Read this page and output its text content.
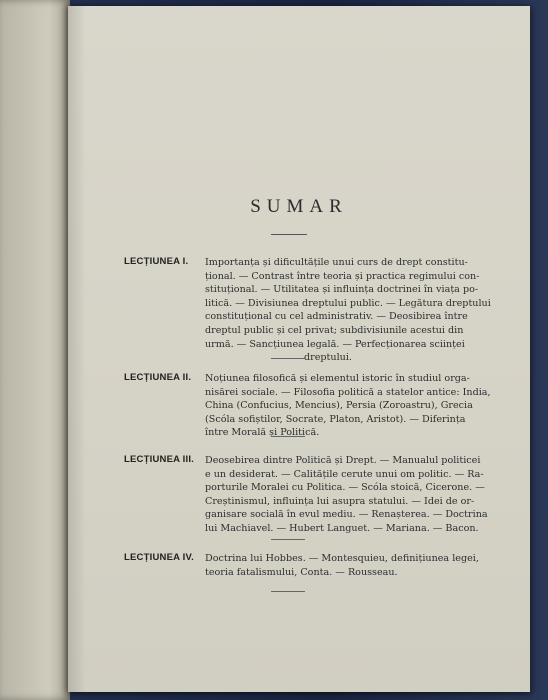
SUMAR
LECȚIUNEA I. Importanța și dificultățile unui curs de drept constitu-
țional. — Contrast între teoria și practica regimului con-
stituțional. — Utilitatea și influința doctrinei în viața po-
litică. — Divisiunea dreptului public. — Legătura dreptului
constituțional cu cel administrativ. — Deosibirea între
dreptul public și cel privat; subdivisiunile acestui din
urmă. — Sancțiunea legală. — Perfecționarea sciinței
dreptului.
LECȚIUNEA II. Noțiunea filosofică și elementul istoric în studiul orga-
nisărei sociale. — Filosofia politică a statelor antice: India,
China (Confucius, Mencius), Persia (Zoroastru), Grecia
(Scóla sofiștilor, Socrate, Platon, Aristot). — Diferința
între Morală și Politică.
LECȚIUNEA III. Deosebirea dintre Politică și Drept. — Manualul politicei
e un desiderat. — Calitățile cerute unui om politic. — Ra-
porturile Moralei cu Politica. — Scóla stoică, Cicerone. —
Creștinismul, influința lui asupra statului. — Idei de or-
ganisare socială în evul mediu. — Renașterea. — Doctrina
lui Machiavel. — Hubert Languet. — Mariana. — Bacon.
LECȚIUNEA IV. Doctrina lui Hobbes. — Montesquieu, definițiunea legei,
teoria fatalismului, Conta. — Rousseau.
